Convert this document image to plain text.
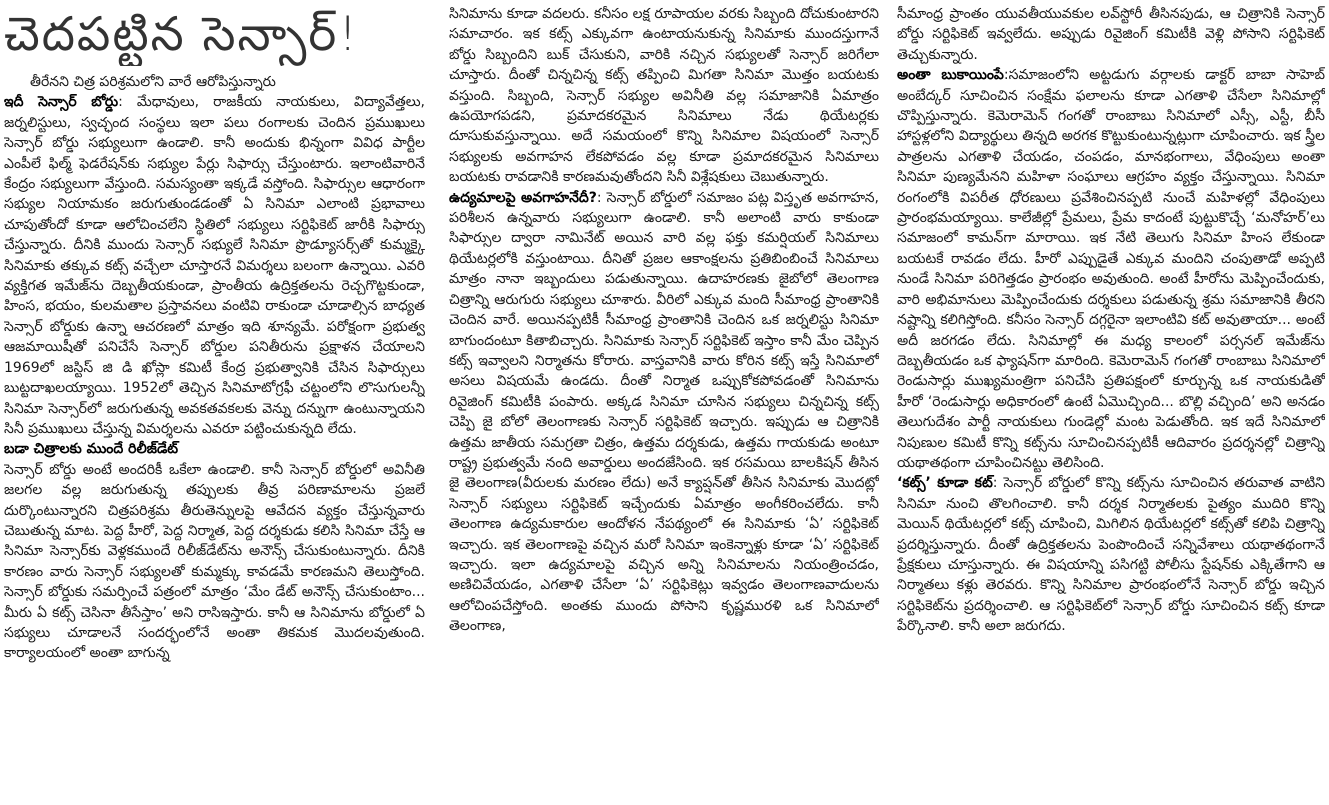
చెదపట్టిన సెన్సార్!

తీరేనని చిత్ర పరిశ్రమలోని వారే ఆరోపిస్తున్నారు

ఇదీ సెన్సార్ బోర్డు: మేధావులు, రాజకీయ నాయకులు, విద్యావేత్తలు, జర్నలిస్టులు, స్వచ్ఛంద సంస్థలు ఇలా పలు రంగాలకు చెందిన ప్రముఖులు సెన్సార్ బోర్డు సభ్యులుగా ఉండాలి. కానీ అందుకు భిన్నంగా వివిధ పార్టీల ఎంపీలే ఫిల్మ్ ఫెడరేషన్‌కు సభ్యుల పేర్లు సిఫార్సు చేస్తుంటారు. ఇలాంటివారినే కేంద్రం సభ్యులుగా వేస్తుంది. సమస్యంతా ఇక్కడే వస్తోంది. సిఫార్సుల ఆధారంగా సభ్యుల నియామకం జరుగుతుండడంతో ఏ సినిమా ఎలాంటి ప్రభావాలు చూపుతోందో కూడా ఆలోచించలేని స్థితిలో సభ్యులు సర్టిఫికెట్ జారీకి సిఫార్సు చేస్తున్నారు. దీనికి ముందు సెన్సార్ సభ్యులే సినిమా ప్రొడ్యూసర్స్‌తో కుమ్మక్కై సినిమాకు తక్కువ కట్స్ వచ్చేలా చూస్తారనే విమర్శలు బలంగా ఉన్నాయి. ఎవరి వ్యక్తిగత ఇమేజ్‌ను దెబ్బతీయకుండా, ప్రాంతీయ ఉద్రిక్తతలను రెచ్చగొట్టకుండా, హింస, భయం, కులమతాల ప్రస్తావనలు వంటివి రాకుండా చూడాల్సిన బాధ్యత సెన్సార్ బోర్డుకు ఉన్నా ఆచరణలో మాత్రం ఇది శూన్యమే. పరోక్షంగా ప్రభుత్వ ఆజమాయిషీతో పనిచేసే సెన్సార్ బోర్డుల పనితీరును ప్రక్షాళన చేయాలని 1969లో జస్టిస్ జి డి ఖోస్లా కమిటీ కేంద్ర ప్రభుత్వానికి చేసిన సిఫార్సులు బుట్టదాఖలయ్యాయి. 1952లో తెచ్చిన సినిమాటోగ్రఫీ చట్టంలోని లొసుగులన్నీ సినిమా సెన్సార్‌లో జరుగుతున్న అవకతవకలకు వెన్ను దన్నుగా ఉంటున్నాయని సినీ ప్రముఖులు చేస్తున్న విమర్శలను ఎవరూ పట్టించుకున్నది లేదు.

బడా చిత్రాలకు ముందే రిలీజ్‌డేట్
సెన్సార్ బోర్డు అంటే అందరికీ ఒకేలా ఉండాలి. కానీ సెన్సార్ బోర్డులో అవినీతి జలగల వల్ల జరుగుతున్న తప్పులకు తీవ్ర పరిణామాలను ప్రజలే దుర్కొంటున్నారని చిత్రపరిశ్రమ తీరుతెన్నులపై ఆవేదన వ్యక్తం చేస్తున్నవారు చెబుతున్న మాట. పెద్ద హీరో, పెద్ద నిర్మాత, పెద్ద దర్శకుడు కలిసి సినిమా చేస్తే ఆ సినిమా సెన్సార్‌కు వెళ్లకముందే రిలీజ్‌డేట్‌ను అనౌన్స్ చేసుకుంటున్నారు. దీనికి కారణం వారు సెన్సార్ సభ్యులతో కుమ్మక్కు కావడమే కారణమని తెలుస్తోంది. సెన్సార్ బోర్డుకు సమర్పించే పత్రంలో మాత్రం ‘మేం డేట్ అనౌన్స్ చేసుకుంటాం... మీరు ఏ కట్స్ చెసినా తీసేస్తాం’ అని రాసిఇస్తారు. కానీ ఆ సినిమాను బోర్డులో ఏ సభ్యులు చూడాలనే సందర్భంలోనే అంతా తికమక మొదలవుతుంది. కార్యాలయంలో అంతా బాగున్న

సినిమాను కూడా వదలరు. కనీసం లక్ష రూపాయల వరకు సిబ్బంది దోచుకుంటారని సమాచారం. ఇక కట్స్ ఎక్కువగా ఉంటాయనుకున్న సినిమాకు ముందస్తుగానే బోర్డు సిబ్బందిని బుక్ చేసుకుని, వారికి నచ్చిన సభ్యులతో సెన్సార్ జరిగేలా చూస్తారు. దీంతో చిన్నచిన్న కట్స్ తప్పించి మిగతా సినిమా మొత్తం బయటకు వస్తుంది. సిబ్బంది, సెన్సార్ సభ్యుల అవినీతి వల్ల సమాజానికి ఏమాత్రం ఉపయోగపడని, ప్రమాదకరమైన సినిమాలు నేడు థియేటర్లకు దూసుకువస్తున్నాయి. అదే సమయంలో కొన్ని సినిమాల విషయంలో సెన్సార్ సభ్యులకు అవగాహన లేకపోవడం వల్ల కూడా ప్రమాదకరమైన సినిమాలు బయటకు రావడానికి కారణమవుతోందని సినీ విశ్లేషకులు చెబుతున్నారు.

ఉద్యమాలపై అవగాహనేదీ?: సెన్సార్ బోర్డులో సమాజం పట్ల విస్తృత అవగాహన, పరిశీలన ఉన్నవారు సభ్యులుగా ఉండాలి. కానీ అలాంటి వారు కాకుండా సిఫార్సుల ద్వారా నామినేట్ అయిన వారి వల్ల ఫక్తు కమర్షియల్ సినిమాలు థియేటర్లలోకి వస్తుంటాయి. దీనితో ప్రజల ఆకాంక్షలను ప్రతిబింబించే సినిమాలు మాత్రం నానా ఇబ్బందులు పడుతున్నాయి. ఉదాహరణకు జైబోలో తెలంగాణ చిత్రాన్ని ఆరుగురు సభ్యులు చూశారు. వీరిలో ఎక్కువ మంది సీమాంధ్ర ప్రాంతానికి చెందిన వారే. అయినప్పటికీ సీమాంధ్ర ప్రాంతానికి చెందిన ఒక జర్నలిస్టు సినిమా బాగుందంటూ కితాబిచ్చారు. సినిమాకు సెన్సార్ సర్టిఫికెట్ ఇస్తాం కానీ మేం చెప్పిన కట్స్ ఇవ్వాలని నిర్మాతను కోరారు. వాస్తవానికి వారు కోరిన కట్స్ ఇస్తే సినిమాలో అసలు విషయమే ఉండదు. దీంతో నిర్మాత ఒప్పుకోకపోవడంతో సినిమాను రివైజింగ్ కమిటీకి పంపారు. అక్కడ సినిమా చూసిన సభ్యులు చిన్నచిన్న కట్స్ చెప్పి జై బోలో తెలంగాణకు సెన్సార్ సర్టిఫికెట్ ఇచ్చారు. ఇప్పుడు ఆ చిత్రానికి ఉత్తమ జాతీయ సమగ్రతా చిత్రం, ఉత్తమ దర్శకుడు, ఉత్తమ గాయకుడు అంటూ రాష్ట్ర ప్రభుత్వమే నంది అవార్డులు అందజేసింది. ఇక రసమయి బాలకిషన్ తీసిన జై తెలంగాణ(వీరులకు మరణం లేదు) అనే క్యాప్షన్‌తో తీసిన సినిమాకు మొదట్లో సెన్సార్ సభ్యులు సర్టిఫికెట్ ఇచ్చేందుకు ఏమాత్రం అంగీకరించలేదు. కానీ తెలంగాణ ఉద్యమకారుల ఆందోళన నేపథ్యంలో ఈ సినిమాకు ‘ఏ’ సర్టిఫికెట్ ఇచ్చారు. ఇక తెలంగాణపై వచ్చిన మరో సినిమా ఇంకెన్నాళ్లు కూడా ‘ఏ’ సర్టిఫికెట్ ఇచ్చారు. ఇలా ఉద్యమాలపై వచ్చిన అన్ని సినిమాలను నియంత్రించడం, అణిచివేయడం, ఎగతాళి చేసేలా ‘ఏ’ సర్టిఫికెట్లు ఇవ్వడం తెలంగాణవాదులను ఆలోచింపచేస్తోంది. అంతకు ముందు పోసాని కృష్ణమురళి ఒక సినిమాలో తెలంగాణ,

సీమాంధ్ర ప్రాంతం యువతీయువకుల లవ్‌స్టోరీ తీసినపుడు, ఆ చిత్రానికి సెన్సార్ బోర్డు సర్టిఫికెట్ ఇవ్వలేదు. అప్పుడు రివైజింగ్ కమిటీకి వెళ్లి పోసాని సర్టిఫికెట్ తెచ్చుకున్నారు.

అంతా బుకాయింపే:సమాజంలోని అట్టడుగు వర్గాలకు డాక్టర్ బాబా సాహెబ్ అంబేద్కర్ సూచించిన సంక్షేమ ఫలాలను కూడా ఎగతాళి చేసేలా సినిమాల్లో చొప్పిస్తున్నారు. కెమెరామెన్ గంగతో రాంబాబు సినిమాలో ఎస్సీ, ఎస్టీ, బీసీ హాస్టళ్లలోని విద్యార్థులు తిన్నది అరగక కొట్టుకుంటున్నట్లుగా చూపించారు. ఇక స్త్రీల పాత్రలను ఎగతాళి చేయడం, చంపడం, మానభంగాలు, వేధింపులు అంతా సినిమా పుణ్యమేనని మహిళా సంఘాలు ఆగ్రహం వ్యక్తం చేస్తున్నాయి. సినిమా రంగంలోకి విపరీత ధోరణులు ప్రవేశించినప్పటి నుంచే మహిళల్లో వేధింపులు ప్రారంభమయ్యాయి. కాలేజీల్లో ప్రేమలు, ప్రేమ కాదంటే పుట్టుకొచ్చే ‘మనోహర్’లు సమాజంలో కామన్‌గా మారాయి. ఇక నేటి తెలుగు సినిమా హింస లేకుండా బయటకే రావడం లేదు. హీరో ఎప్పుడైతే ఎక్కువ మందిని చంపుతాడో అప్పటి నుండే సినిమా పరిగెత్తడం ప్రారంభం అవుతుంది. అంటే హీరోను మెప్పించేందుకు, వారి అభిమానులు మెప్పించేందుకు దర్శకులు పడుతున్న శ్రమ సమాజానికి తీరని నష్టాన్ని కలిగిస్తోంది. కనీసం సెన్సార్ దగ్గరైనా ఇలాంటివి కట్ అవుతాయా... అంటే అదీ జరగడం లేదు. సినిమాల్లో ఈ మధ్య కాలంలో పర్సనల్ ఇమేజ్‌ను దెబ్బతీయడం ఒక ఫ్యాషన్‌గా మారింది. కెమెరామెన్ గంగతో రాంబాబు సినిమాలో రెండుసార్లు ముఖ్యమంత్రిగా పనిచేసి ప్రతిపక్షంలో కూర్చున్న ఒక నాయకుడితో హీరో ‘రెండుసార్లు అధికారంలో ఉంటే ఏమొచ్చింది... బొల్లి వచ్చింది’ అని అనడం తెలుగుదేశం పార్టీ నాయకులు గుండెల్లో మంట పెడుతోంది. ఇక ఇదే సినిమాలో నిపుణుల కమిటీ కొన్ని కట్స్‌ను సూచించినప్పటికీ ఆదివారం ప్రదర్శనల్లో చిత్రాన్ని యథాతథంగా చూపించినట్టు తెలిసింది.

‘కట్స్’ కూడా కట్: సెన్సార్ బోర్డులో కొన్ని కట్స్‌ను సూచించిన తరువాత వాటిని సినిమా నుంచి తొలగించాలి. కానీ దర్శక నిర్మాతలకు పైత్యం ముదిరి కొన్ని మెయిన్ థియేటర్లలో కట్స్ చూపించి, మిగిలిన థియేటర్లలో కట్స్‌తో కలిపి చిత్రాన్ని ప్రదర్శిస్తున్నారు. దీంతో ఉద్రిక్తతలను పెంపొందించే సన్నివేశాలు యథాతథంగానే ప్రేక్షకులు చూస్తున్నారు. ఈ విషయాన్ని పసిగట్టి పోలీసు స్టేషన్‌కు ఎక్కితేగాని ఆ నిర్మాతలు కళ్లు తెరవరు. కొన్ని సినిమాల ప్రారంభంలోనే సెన్సార్ బోర్డు ఇచ్చిన సర్టిఫికెట్‌ను ప్రదర్శించాలి. ఆ సర్టిఫికెట్‌లో సెన్సార్ బోర్డు సూచించిన కట్స్ కూడా పేర్కొనాలి. కానీ అలా జరుగదు.
